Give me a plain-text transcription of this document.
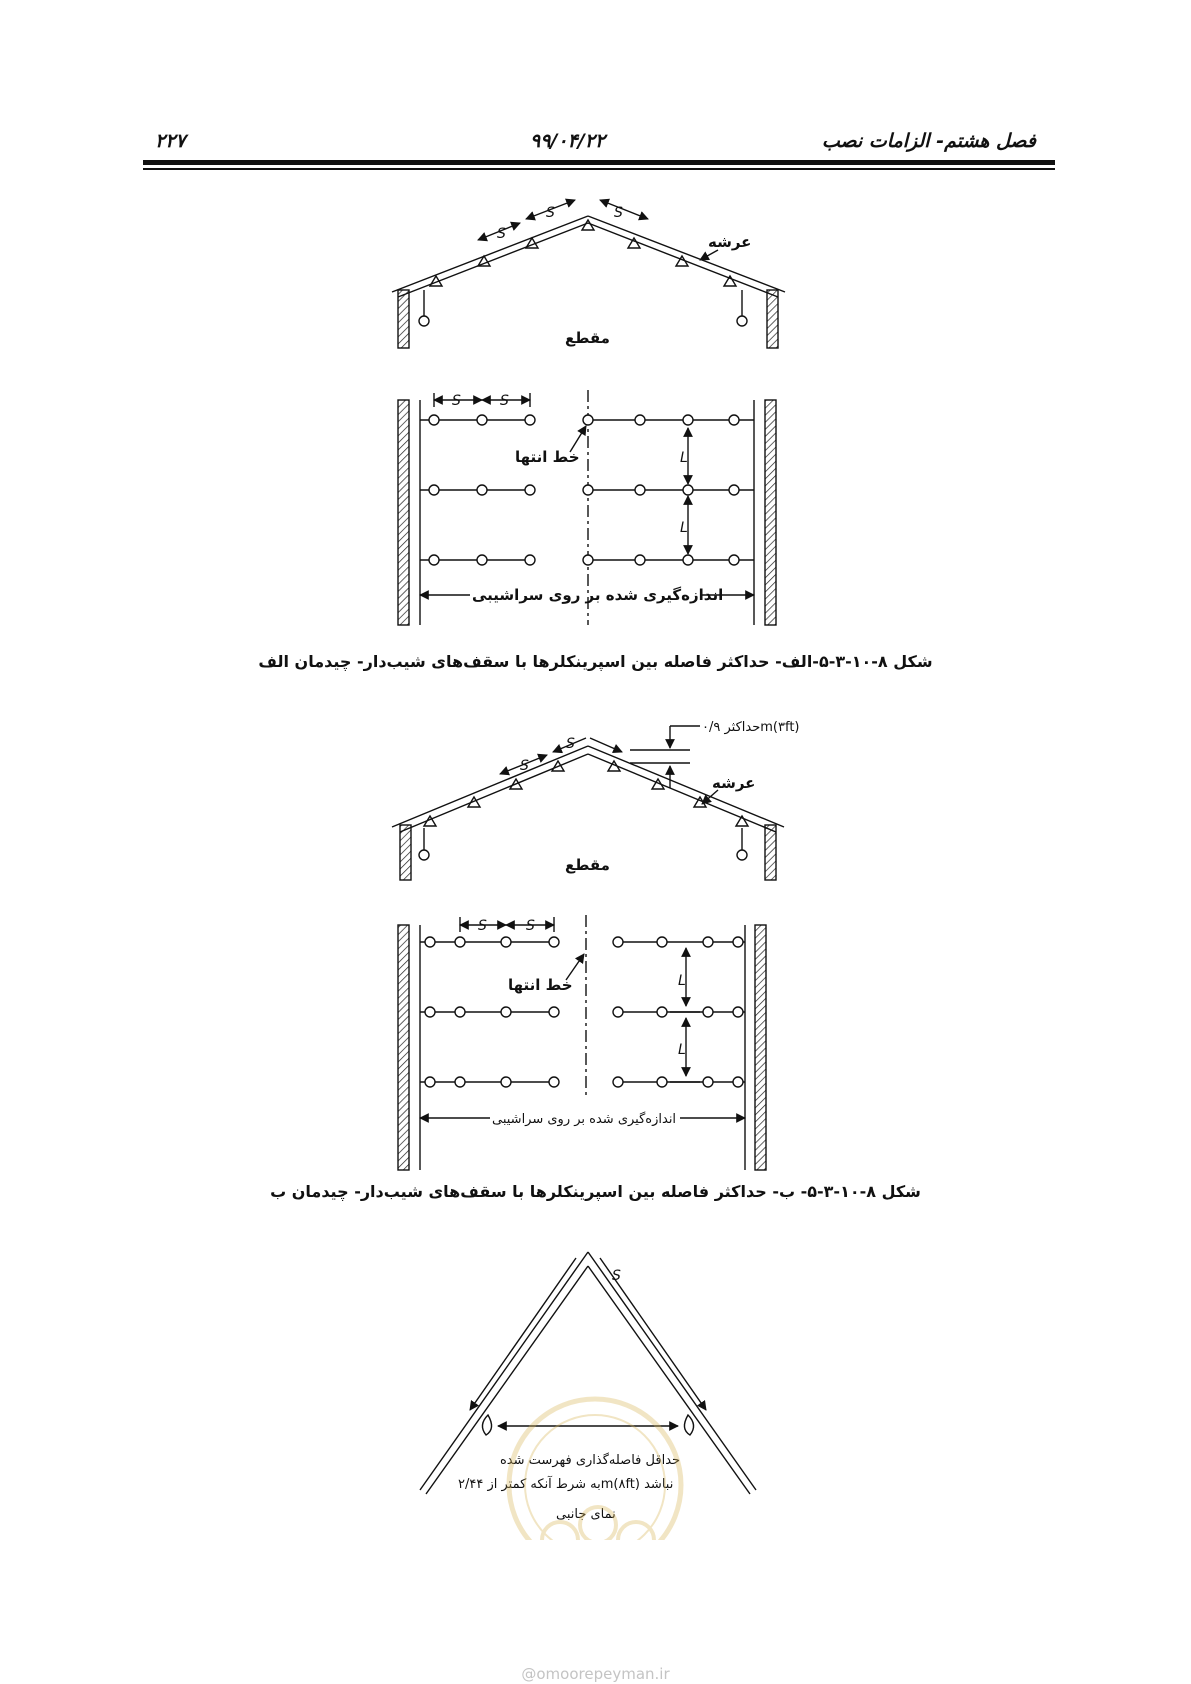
۲۲۷	۹۹/۰۴/۲۲	فصل هشتم- الزامات نصب
S
S	S
عرشه
مقطع
S	S
L
L
خط انتها
اندازه‌گیری شده بر روی سراشیبی
شکل ۸-۱۰-۳-۵-الف- حداکثر فاصله بین اسپرینکلرها با سقف‌های شیب‌دار- چیدمان الف
S
S
حداکثر ۰/۹m(۳ft)
عرشه
مقطع
S	S
L
L
خط انتها
اندازه‌گیری شده بر روی سراشیبی
شکل ۸-۱۰-۳-۵- ب- حداکثر فاصله بین اسپرینکلرها با سقف‌های شیب‌دار- چیدمان ب
S
حداقل فاصله‌گذاری فهرست شده
به شرط آنکه کمتر از ۲/۴۴m(۸ft) نباشد
نمای جانبی
@omoorepeyman.ir
